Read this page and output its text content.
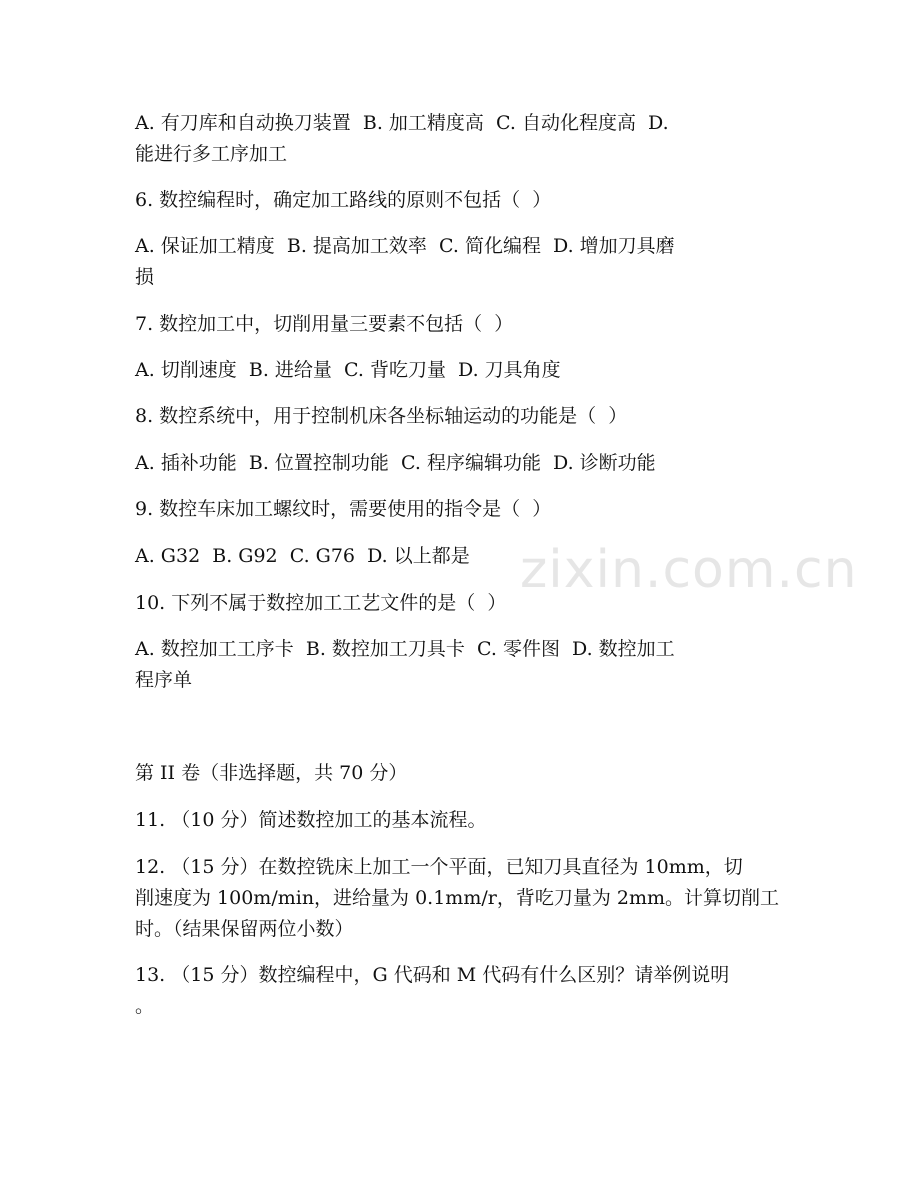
zixin.com.cn

A. 有刀库和自动换刀装置  B. 加工精度高  C. 自动化程度高  D.

能进行多工序加工

6. 数控编程时，确定加工路线的原则不包括（  ）

A. 保证加工精度  B. 提高加工效率  C. 简化编程  D. 增加刀具磨

损

7. 数控加工中，切削用量三要素不包括（  ）

A. 切削速度  B. 进给量  C. 背吃刀量  D. 刀具角度

8. 数控系统中，用于控制机床各坐标轴运动的功能是（  ）

A. 插补功能  B. 位置控制功能  C. 程序编辑功能  D. 诊断功能

9. 数控车床加工螺纹时，需要使用的指令是（  ）

A. G32  B. G92  C. G76  D. 以上都是

10. 下列不属于数控加工工艺文件的是（  ）

A. 数控加工工序卡  B. 数控加工刀具卡  C. 零件图  D. 数控加工

程序单

第 II 卷（非选择题，共 70 分）

11. （10 分）简述数控加工的基本流程。

12. （15 分）在数控铣床上加工一个平面，已知刀具直径为 10mm，切

削速度为 100m/min，进给量为 0.1mm/r，背吃刀量为 2mm。计算切削工

时。（结果保留两位小数）

13. （15 分）数控编程中，G 代码和 M 代码有什么区别？请举例说明

。
